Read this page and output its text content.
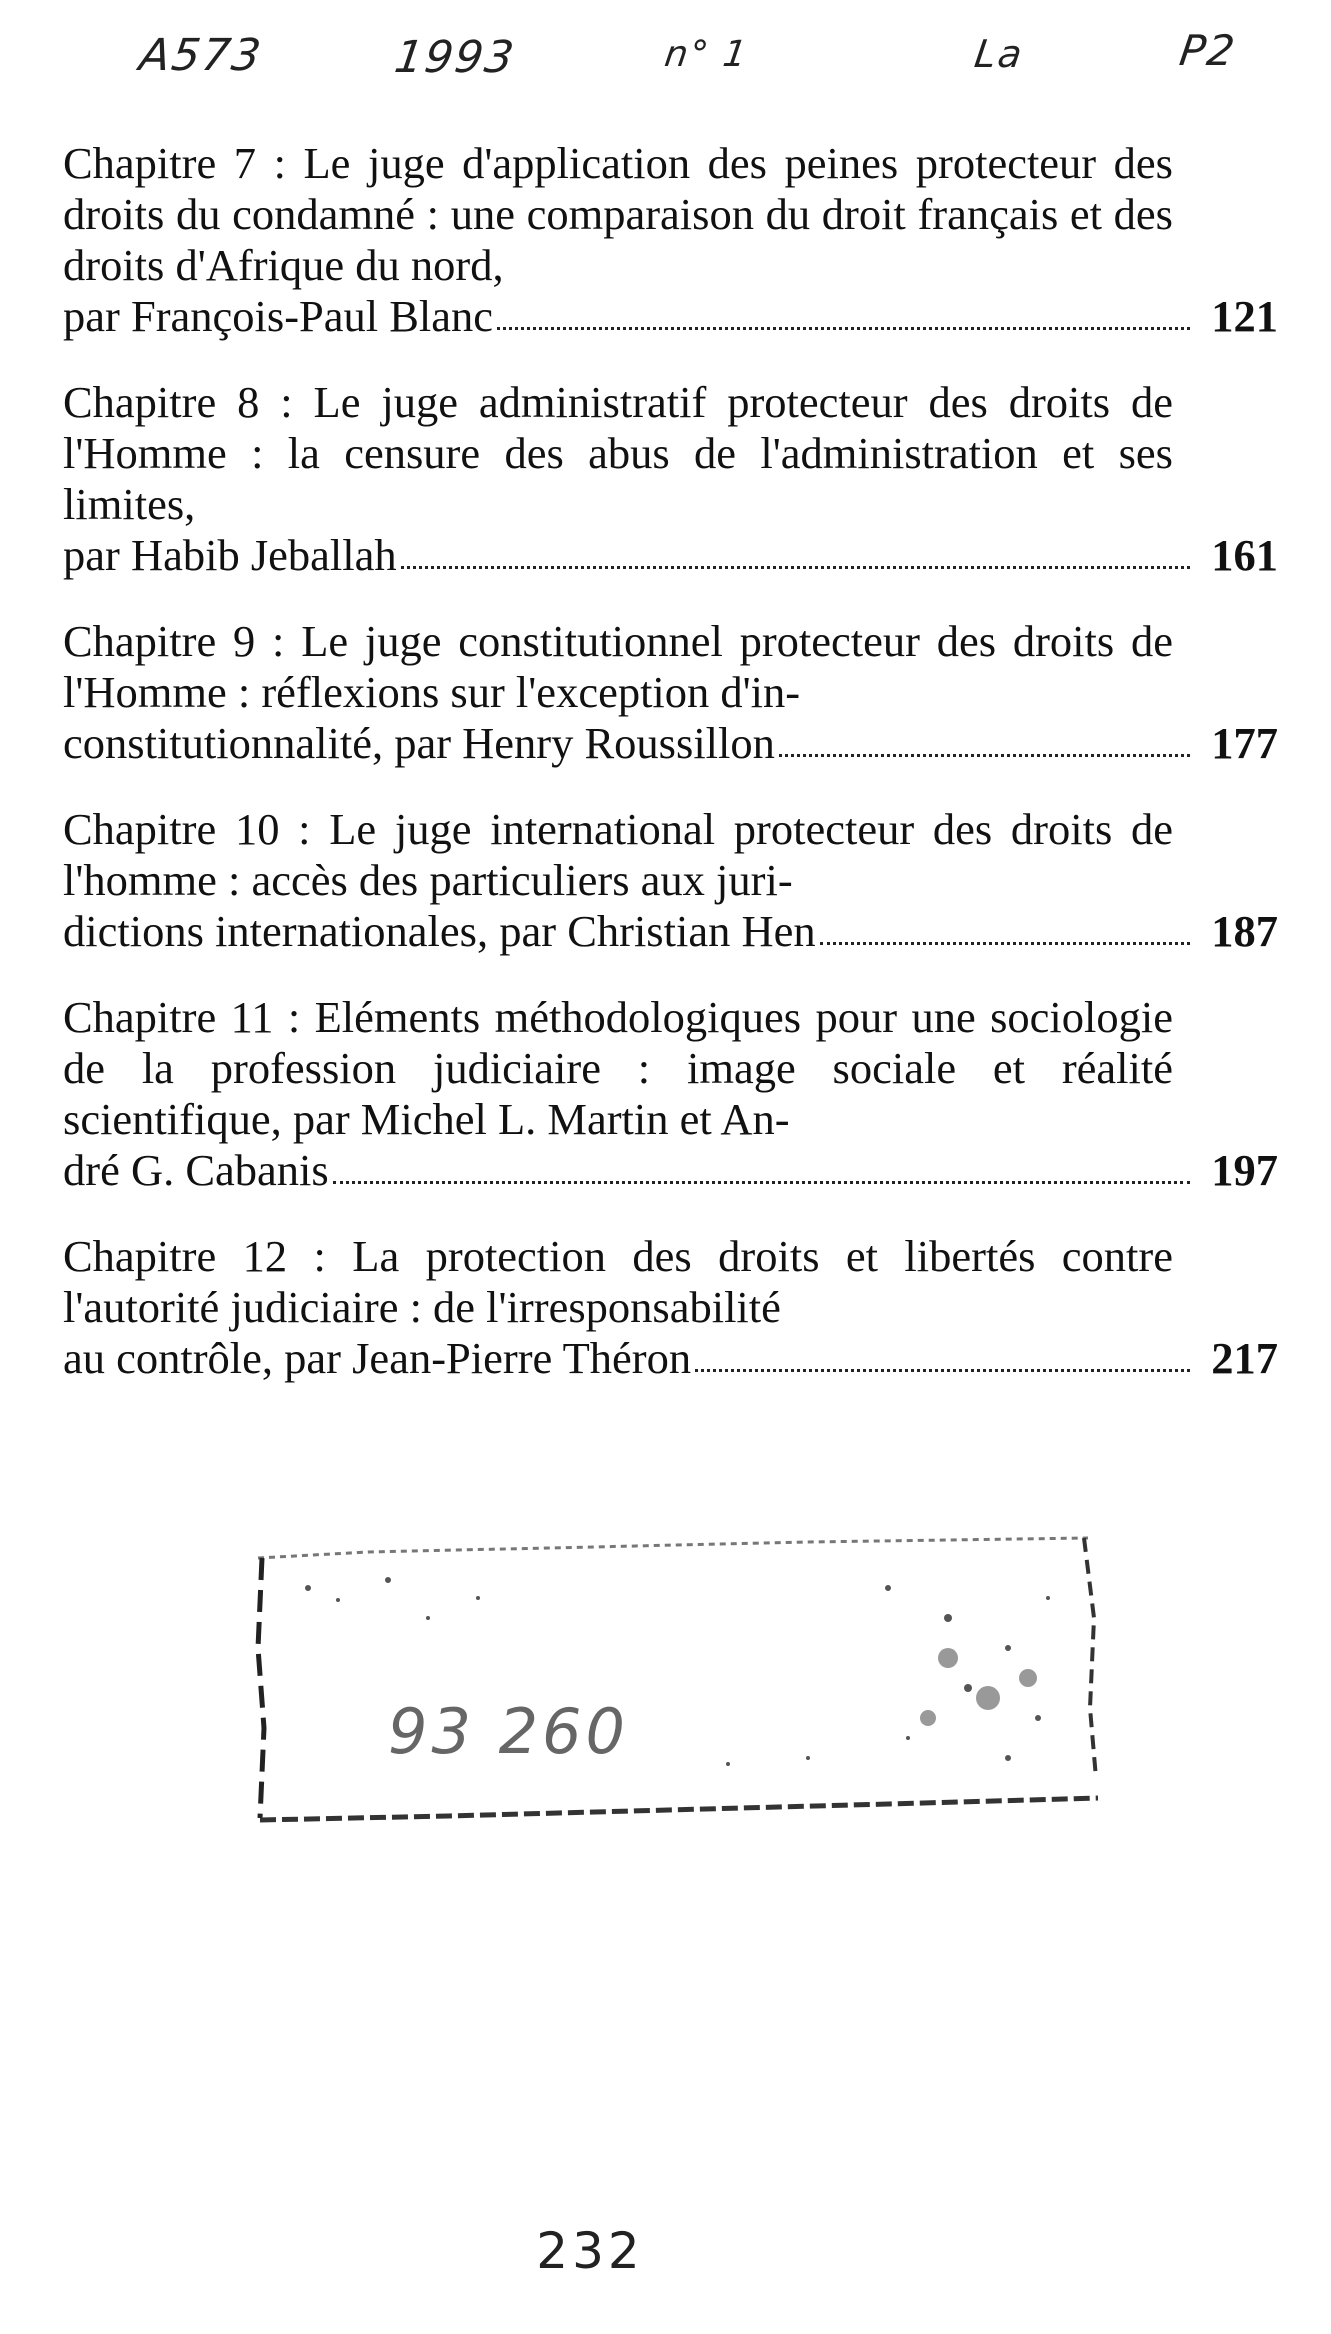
A573	1993	n° 1	La	P2
Chapitre 7 : Le juge d'application des peines protecteur des droits du condamné : une comparaison du droit français et des droits d'Afrique du nord,
par François-Paul Blanc	121
Chapitre 8 : Le juge administratif protecteur des droits de l'Homme : la censure des abus de l'administration et ses limites,
par Habib Jeballah	161
Chapitre 9 : Le juge constitutionnel protecteur des droits de l'Homme : réflexions sur l'exception d'in-
constitutionnalité, par Henry Roussillon	177
Chapitre 10 : Le juge international protecteur des droits de l'homme : accès des particuliers aux juri-
dictions internationales, par Christian Hen	187
Chapitre 11 : Eléments méthodologiques pour une sociologie de la profession judiciaire : image sociale et réalité scientifique, par Michel L. Martin et An-
dré G. Cabanis	197
Chapitre 12 : La protection des droits et libertés contre l'autorité judiciaire : de l'irresponsabilité
au contrôle, par Jean-Pierre Théron	217
93 260
232
